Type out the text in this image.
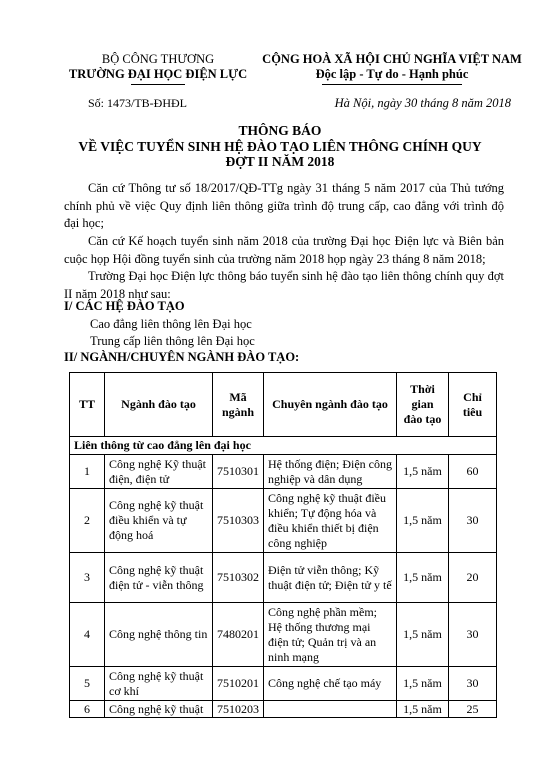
BỘ CÔNG THƯƠNG
TRƯỜNG ĐẠI HỌC ĐIỆN LỰC
CỘNG HOÀ XÃ HỘI CHỦ NGHĨA VIỆT NAM
Độc lập - Tự do - Hạnh phúc
Số: 1473/TB-ĐHĐL	Hà Nội, ngày 30 tháng 8 năm 2018
THÔNG BÁO
VỀ VIỆC TUYỂN SINH HỆ ĐÀO TẠO LIÊN THÔNG CHÍNH QUY
ĐỢT II NĂM 2018
Căn cứ Thông tư số 18/2017/QĐ-TTg ngày 31 tháng 5 năm 2017 của Thủ tướng chính phủ về việc Quy định liên thông giữa trình độ trung cấp, cao đẳng với trình độ đại học;
Căn cứ Kế hoạch tuyển sinh năm 2018 của trường Đại học Điện lực và Biên bản cuộc họp Hội đồng tuyển sinh của trường năm 2018 họp ngày 23 tháng 8 năm 2018;
Trường Đại học Điện lực thông báo tuyển sinh hệ đào tạo liên thông chính quy đợt II năm 2018 như sau:
I/ CÁC HỆ ĐÀO TẠO
Cao đẳng liên thông lên Đại học
Trung cấp liên thông lên Đại học
II/ NGÀNH/CHUYÊN NGÀNH ĐÀO TẠO:
TT	Ngành đào tạo	Mã ngành	Chuyên ngành đào tạo	Thời gian đào tạo	Chỉ tiêu
Liên thông từ cao đẳng lên đại học					
1	Công nghệ Kỹ thuật điện, điện tử	7510301	Hệ thống điện; Điện công nghiệp và dân dụng	1,5 năm	60
2	Công nghệ kỹ thuật điều khiển và tự động hoá	7510303	Công nghệ kỹ thuật điều khiển; Tự động hóa và điều khiển thiết bị điện công nghiệp	1,5 năm	30
3	Công nghệ kỹ thuật điện tử - viễn thông	7510302	Điện tử viễn thông; Kỹ thuật điện tử; Điện tử y tế	1,5 năm	20
4	Công nghệ thông tin	7480201	Công nghệ phần mềm; Hệ thống thương mại điện tử; Quản trị và an ninh mạng	1,5 năm	30
5	Công nghệ kỹ thuật cơ khí	7510201	Công nghệ chế tạo máy	1,5 năm	30
6	Công nghệ kỹ thuật	7510203		1,5 năm	25
